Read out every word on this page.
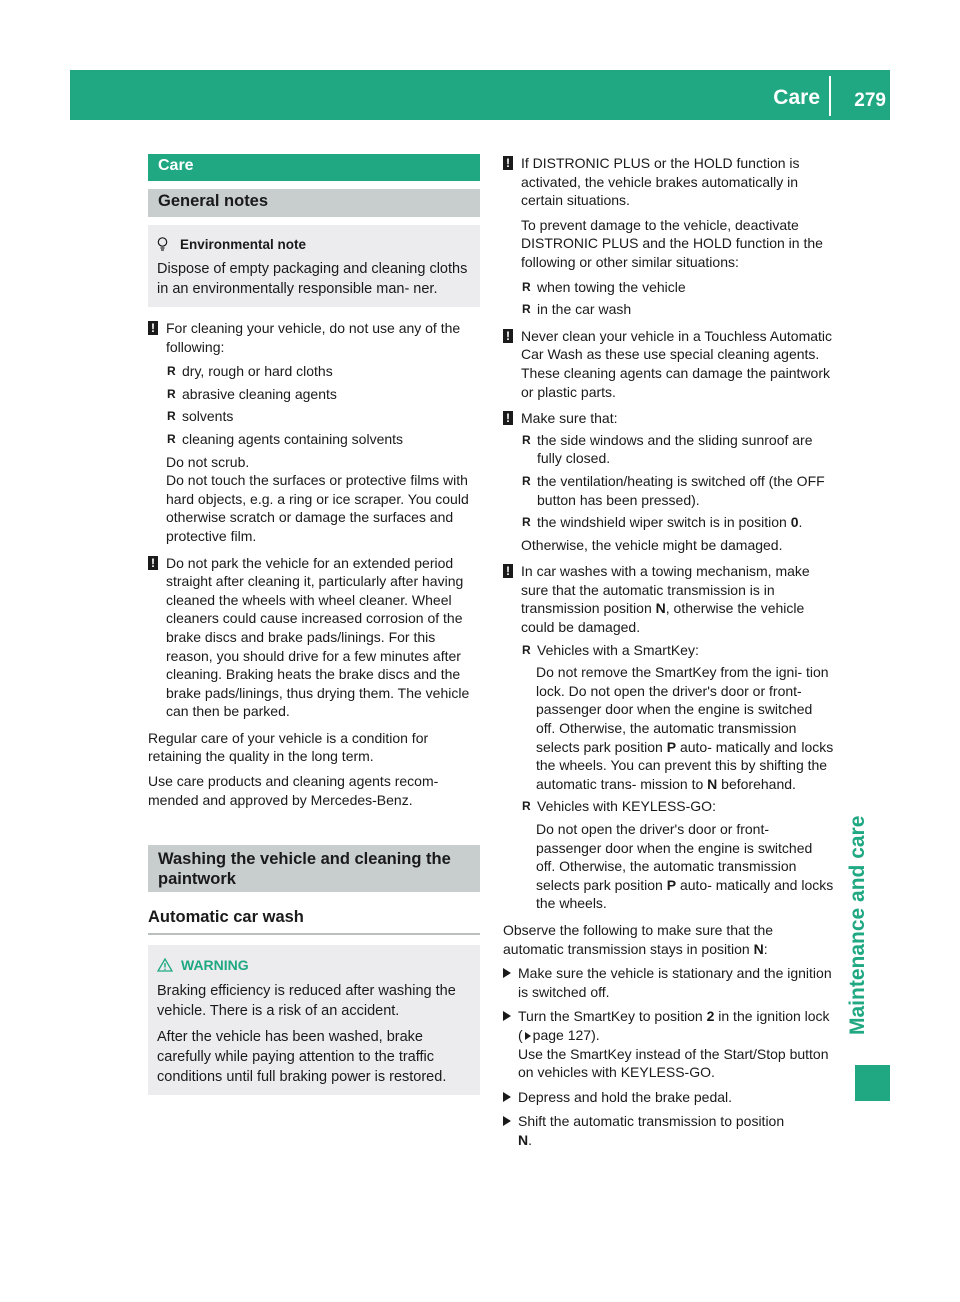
Care 279
Maintenance and care
Care
General notes
Environmental note
Dispose of empty packaging and cleaning cloths in an environmentally responsible man- ner.
! For cleaning your vehicle, do not use any of the following:

R dry, rough or hard cloths
R abrasive cleaning agents
R solvents
R cleaning agents containing solvents

Do not scrub.

Do not touch the surfaces or protective films with hard objects, e.g. a ring or ice scraper. You could otherwise scratch or damage the surfaces and protective film.

! Do not park the vehicle for an extended period straight after cleaning it, particularly after having cleaned the wheels with wheel cleaner. Wheel cleaners could cause increased corrosion of the brake discs and brake pads/linings. For this reason, you should drive for a few minutes after cleaning. Braking heats the brake discs and the brake pads/linings, thus drying them. The vehicle can then be parked.

Regular care of your vehicle is a condition for retaining the quality in the long term.

Use care products and cleaning agents recom- mended and approved by Mercedes-Benz.

Washing the vehicle and cleaning the paintwork
Automatic car wash
WARNING

Braking efficiency is reduced after washing the vehicle. There is a risk of an accident.

After the vehicle has been washed, brake carefully while paying attention to the traffic conditions until full braking power is restored.

! If DISTRONIC PLUS or the HOLD function is activated, the vehicle brakes automatically in certain situations.

To prevent damage to the vehicle, deactivate DISTRONIC PLUS and the HOLD function in the following or other similar situations:

R when towing the vehicle
R in the car wash
! Never clean your vehicle in a Touchless Automatic Car Wash as these use special cleaning agents. These cleaning agents can damage the paintwork or plastic parts.

! Make sure that:

R the side windows and the sliding sunroof are fully closed.
R the ventilation/heating is switched off (the OFF button has been pressed).
R the windshield wiper switch is in position 0.

Otherwise, the vehicle might be damaged.

! In car washes with a towing mechanism, make sure that the automatic transmission is in transmission position N, otherwise the vehicle could be damaged.

R Vehicles with a SmartKey:

Do not remove the SmartKey from the igni- tion lock. Do not open the driver's door or front-passenger door when the engine is switched off. Otherwise, the automatic transmission selects park position P auto- matically and locks the wheels. You can prevent this by shifting the automatic trans- mission to N beforehand.

R Vehicles with KEYLESS-GO:

Do not open the driver's door or front- passenger door when the engine is switched off. Otherwise, the automatic transmission selects park position P auto- matically and locks the wheels.

Observe the following to make sure that the automatic transmission stays in position N:

Make sure the vehicle is stationary and the ignition is switched off.
Turn the SmartKey to position 2 in the ignition lock ( page 127).
Use the SmartKey instead of the Start/Stop button on vehicles with KEYLESS-GO.
Depress and hold the brake pedal.
Shift the automatic transmission to position
N.
